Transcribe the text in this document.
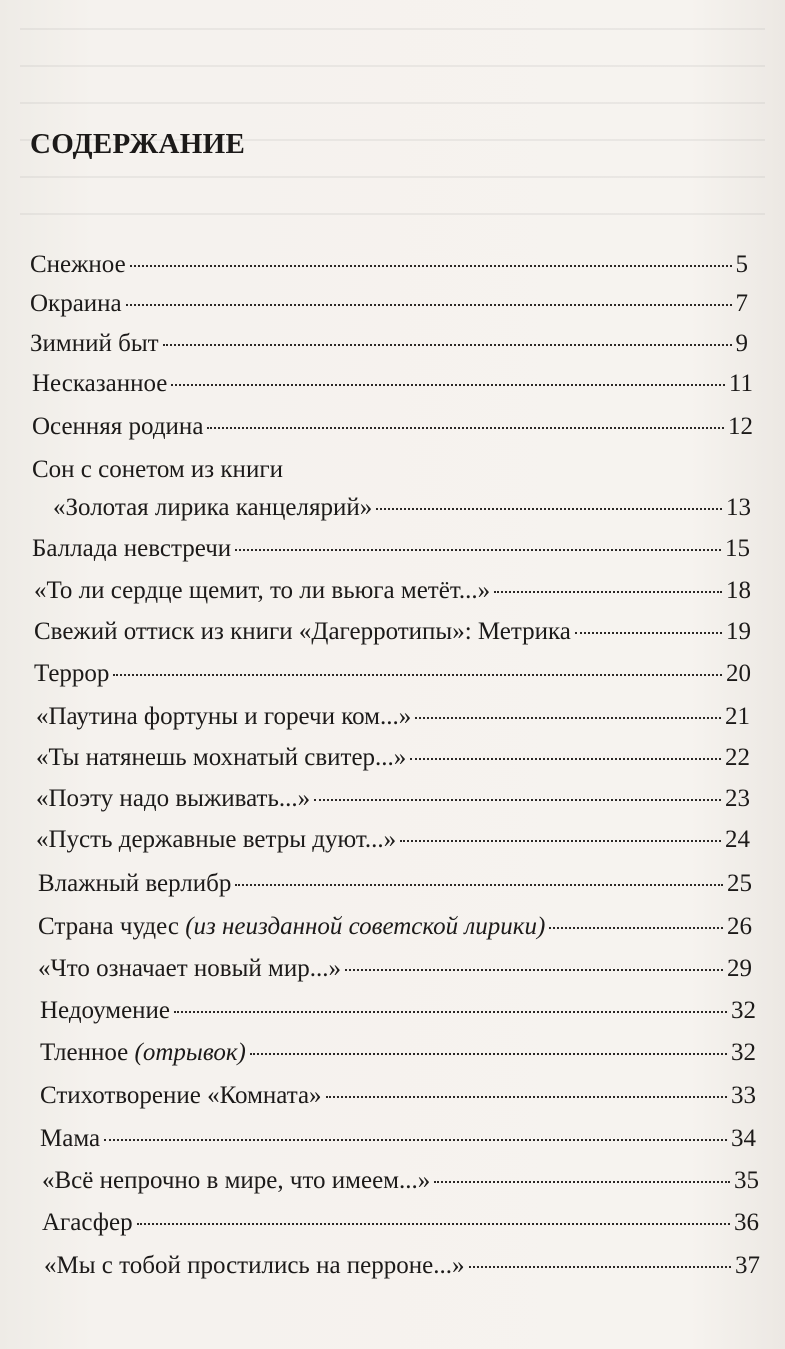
СОДЕРЖАНИЕ
Снежное	5
Окраина	7
Зимний быт	9
Несказанное	11
Осенняя родина	12
Сон с сонетом из книги
«Золотая лирика канцелярий»	13
Баллада невстречи	15
«То ли сердце щемит, то ли вьюга метёт...»	18
Свежий оттиск из книги «Дагерротипы»: Метрика	19
Террор	20
«Паутина фортуны и горечи ком...»	21
«Ты натянешь мохнатый свитер...»	22
«Поэту надо выживать...»	23
«Пусть державные ветры дуют...»	24
Влажный верлибр	25
Страна чудес (из неизданной советской лирики)	26
«Что означает новый мир...»	29
Недоумение	32
Тленное (отрывок)	32
Стихотворение «Комната»	33
Мама	34
«Всё непрочно в мире, что имеем...»	35
Агасфер	36
«Мы с тобой простились на перроне...»	37
